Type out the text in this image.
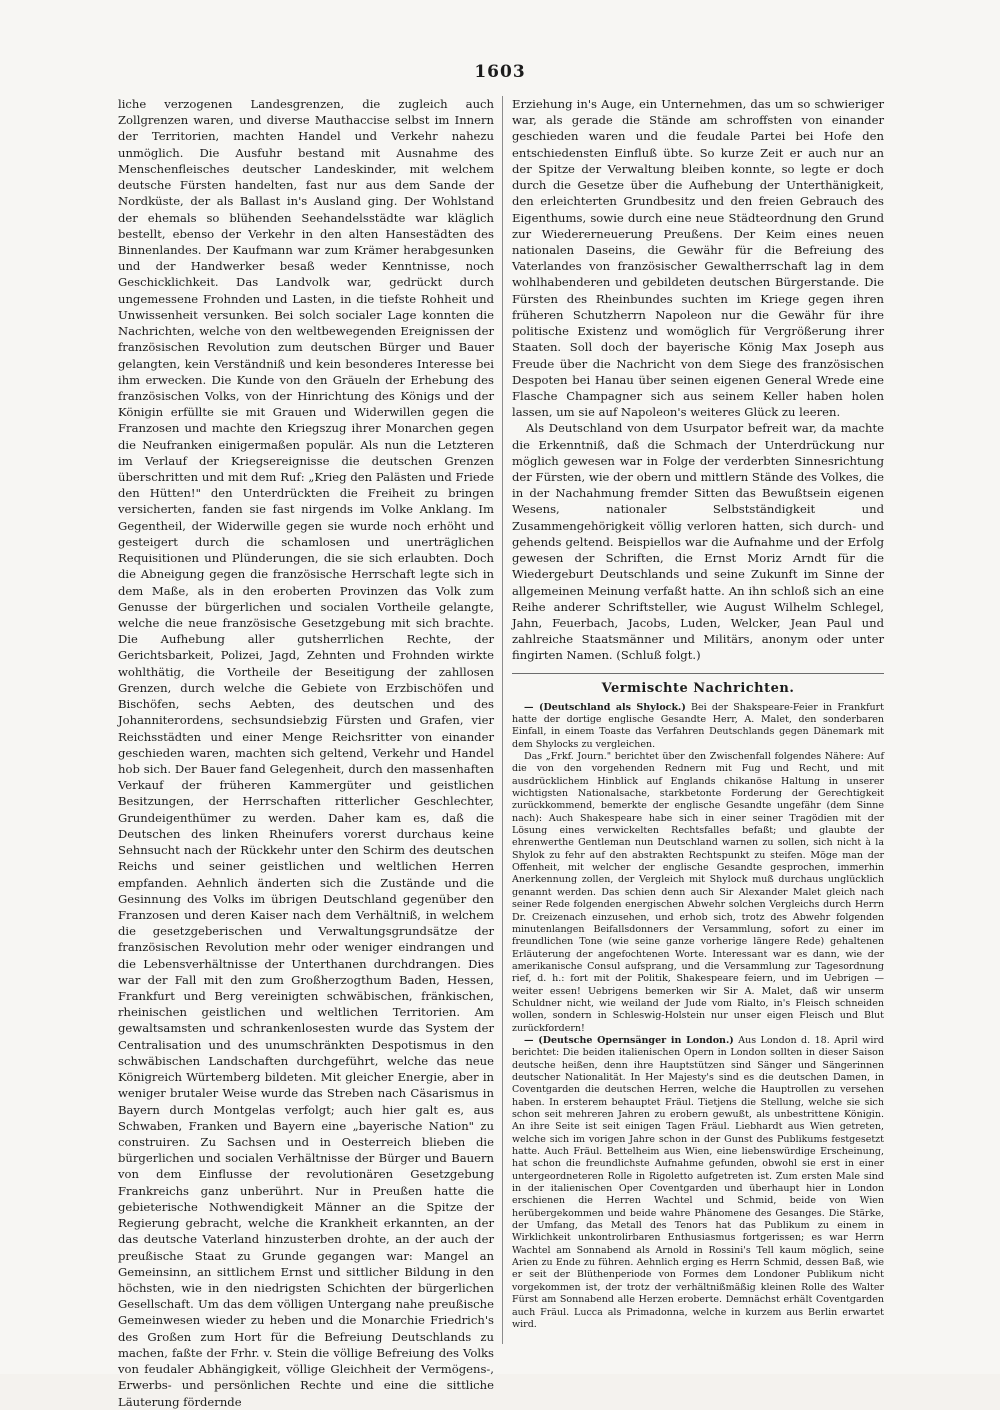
1603

liche verzogenen Landesgrenzen, die zugleich auch Zollgrenzen waren, und diverse Mauthaccise selbst im Innern der Territorien, machten Handel und Verkehr nahezu unmöglich. Die Ausfuhr bestand mit Ausnahme des Menschenfleisches deutscher Landeskinder, mit welchem deutsche Fürsten handelten, fast nur aus dem Sande der Nordküste, der als Ballast in's Ausland ging. Der Wohlstand der ehemals so blühenden Seehandelsstädte war kläglich bestellt, ebenso der Verkehr in den alten Hansestädten des Binnenlandes. Der Kaufmann war zum Krämer herabgesunken und der Handwerker besaß weder Kenntnisse, noch Geschicklichkeit. Das Landvolk war, gedrückt durch ungemessene Frohnden und Lasten, in die tiefste Rohheit und Unwissenheit versunken. Bei solch socialer Lage konnten die Nachrichten, welche von den weltbewegenden Ereignissen der französischen Revolution zum deutschen Bürger und Bauer gelangten, kein Verständniß und kein besonderes Interesse bei ihm erwecken. Die Kunde von den Gräueln der Erhebung des französischen Volks, von der Hinrichtung des Königs und der Königin erfüllte sie mit Grauen und Widerwillen gegen die Franzosen und machte den Kriegszug ihrer Monarchen gegen die Neufranken einigermaßen populär. Als nun die Letzteren im Verlauf der Kriegsereignisse die deutschen Grenzen überschritten und mit dem Ruf: „Krieg den Palästen und Friede den Hütten!" den Unterdrückten die Freiheit zu bringen versicherten, fanden sie fast nirgends im Volke Anklang. Im Gegentheil, der Widerwille gegen sie wurde noch erhöht und gesteigert durch die schamlosen und unerträglichen Requisitionen und Plünderungen, die sie sich erlaubten. Doch die Abneigung gegen die französische Herrschaft legte sich in dem Maße, als in den eroberten Provinzen das Volk zum Genusse der bürgerlichen und socialen Vortheile gelangte, welche die neue französische Gesetzgebung mit sich brachte. Die Aufhebung aller gutsherrlichen Rechte, der Gerichtsbarkeit, Polizei, Jagd, Zehnten und Frohnden wirkte wohlthätig, die Vortheile der Beseitigung der zahllosen Grenzen, durch welche die Gebiete von Erzbischöfen und Bischöfen, sechs Aebten, des deutschen und des Johanniterordens, sechsundsiebzig Fürsten und Grafen, vier Reichsstädten und einer Menge Reichsritter von einander geschieden waren, machten sich geltend, Verkehr und Handel hob sich. Der Bauer fand Gelegenheit, durch den massenhaften Verkauf der früheren Kammergüter und geistlichen Besitzungen, der Herrschaften ritterlicher Geschlechter, Grundeigenthümer zu werden. Daher kam es, daß die Deutschen des linken Rheinufers vorerst durchaus keine Sehnsucht nach der Rückkehr unter den Schirm des deutschen Reichs und seiner geistlichen und weltlichen Herren empfanden. Aehnlich änderten sich die Zustände und die Gesinnung des Volks im übrigen Deutschland gegenüber den Franzosen und deren Kaiser nach dem Verhältniß, in welchem die gesetzgeberischen und Verwaltungsgrundsätze der französischen Revolution mehr oder weniger eindrangen und die Lebensverhältnisse der Unterthanen durchdrangen. Dies war der Fall mit den zum Großherzogthum Baden, Hessen, Frankfurt und Berg vereinigten schwäbischen, fränkischen, rheinischen geistlichen und weltlichen Territorien. Am gewaltsamsten und schrankenlosesten wurde das System der Centralisation und des unumschränkten Despotismus in den schwäbischen Landschaften durchgeführt, welche das neue Königreich Würtemberg bildeten. Mit gleicher Energie, aber in weniger brutaler Weise wurde das Streben nach Cäsarismus in Bayern durch Montgelas verfolgt; auch hier galt es, aus Schwaben, Franken und Bayern eine „bayerische Nation" zu construiren. Zu Sachsen und in Oesterreich blieben die bürgerlichen und socialen Verhältnisse der Bürger und Bauern von dem Einflusse der revolutionären Gesetzgebung Frankreichs ganz unberührt. Nur in Preußen hatte die gebieterische Nothwendigkeit Männer an die Spitze der Regierung gebracht, welche die Krankheit erkannten, an der das deutsche Vaterland hinzusterben drohte, an der auch der preußische Staat zu Grunde gegangen war: Mangel an Gemeinsinn, an sittlichem Ernst und sittlicher Bildung in den höchsten, wie in den niedrigsten Schichten der bürgerlichen Gesellschaft. Um das dem völligen Untergang nahe preußische Gemeinwesen wieder zu heben und die Monarchie Friedrich's des Großen zum Hort für die Befreiung Deutschlands zu machen, faßte der Frhr. v. Stein die völlige Befreiung des Volks von feudaler Abhängigkeit, völlige Gleichheit der Vermögens-, Erwerbs- und persönlichen Rechte und eine die sittliche Läuterung fördernde

Erziehung in's Auge, ein Unternehmen, das um so schwieriger war, als gerade die Stände am schroffsten von einander geschieden waren und die feudale Partei bei Hofe den entschiedensten Einfluß übte. So kurze Zeit er auch nur an der Spitze der Verwaltung bleiben konnte, so legte er doch durch die Gesetze über die Aufhebung der Unterthänigkeit, den erleichterten Grundbesitz und den freien Gebrauch des Eigenthums, sowie durch eine neue Städteordnung den Grund zur Wiedererneuerung Preußens. Der Keim eines neuen nationalen Daseins, die Gewähr für die Befreiung des Vaterlandes von französischer Gewaltherrschaft lag in dem wohlhabenderen und gebildeten deutschen Bürgerstande. Die Fürsten des Rheinbundes suchten im Kriege gegen ihren früheren Schutzherrn Napoleon nur die Gewähr für ihre politische Existenz und womöglich für Vergrößerung ihrer Staaten. Soll doch der bayerische König Max Joseph aus Freude über die Nachricht von dem Siege des französischen Despoten bei Hanau über seinen eigenen General Wrede eine Flasche Champagner sich aus seinem Keller haben holen lassen, um sie auf Napoleon's weiteres Glück zu leeren.

Als Deutschland von dem Usurpator befreit war, da machte die Erkenntniß, daß die Schmach der Unterdrückung nur möglich gewesen war in Folge der verderbten Sinnesrichtung der Fürsten, wie der obern und mittlern Stände des Volkes, die in der Nachahmung fremder Sitten das Bewußtsein eigenen Wesens, nationaler Selbstständigkeit und Zusammengehörigkeit völlig verloren hatten, sich durch- und gehends geltend. Beispiellos war die Aufnahme und der Erfolg gewesen der Schriften, die Ernst Moriz Arndt für die Wiedergeburt Deutschlands und seine Zukunft im Sinne der allgemeinen Meinung verfaßt hatte. An ihn schloß sich an eine Reihe anderer Schriftsteller, wie August Wilhelm Schlegel, Jahn, Feuerbach, Jacobs, Luden, Welcker, Jean Paul und zahlreiche Staatsmänner und Militärs, anonym oder unter fingirten Namen. (Schluß folgt.)

Vermischte Nachrichten.

— (Deutschland als Shylock.) Bei der Shakspeare-Feier in Frankfurt hatte der dortige englische Gesandte Herr, A. Malet, den sonderbaren Einfall, in einem Toaste das Verfahren Deutschlands gegen Dänemark mit dem Shylocks zu vergleichen.

Das „Frkf. Journ." berichtet über den Zwischenfall folgendes Nähere: Auf die von den vorgehenden Rednern mit Fug und Recht, und mit ausdrücklichem Hinblick auf Englands chikanöse Haltung in unserer wichtigsten Nationalsache, starkbetonte Forderung der Gerechtigkeit zurückkommend, bemerkte der englische Gesandte ungefähr (dem Sinne nach): Auch Shakespeare habe sich in einer seiner Tragödien mit der Lösung eines verwickelten Rechtsfalles befaßt; und glaubte der ehrenwerthe Gentleman nun Deutschland warnen zu sollen, sich nicht à la Shylok zu fehr auf den abstrakten Rechtspunkt zu steifen. Möge man der Offenheit, mit welcher der englische Gesandte gesprochen, immerhin Anerkennung zollen, der Vergleich mit Shylock muß durchaus unglücklich genannt werden. Das schien denn auch Sir Alexander Malet gleich nach seiner Rede folgenden energischen Abwehr solchen Vergleichs durch Herrn Dr. Creizenach einzusehen, und erhob sich, trotz des Abwehr folgenden minutenlangen Beifallsdonners der Versammlung, sofort zu einer im freundlichen Tone (wie seine ganze vorherige längere Rede) gehaltenen Erläuterung der angefochtenen Worte. Interessant war es dann, wie der amerikanische Consul aufsprang, und die Versammlung zur Tagesordnung rief, d. h.: fort mit der Politik, Shakespeare feiern, und im Uebrigen — weiter essen! Uebrigens bemerken wir Sir A. Malet, daß wir unserm Schuldner nicht, wie weiland der Jude vom Rialto, in's Fleisch schneiden wollen, sondern in Schleswig-Holstein nur unser eigen Fleisch und Blut zurückfordern!

— (Deutsche Opernsänger in London.) Aus London d. 18. April wird berichtet: Die beiden italienischen Opern in London sollten in dieser Saison deutsche heißen, denn ihre Hauptstützen sind Sänger und Sängerinnen deutscher Nationalität. In Her Majesty's sind es die deutschen Damen, in Coventgarden die deutschen Herren, welche die Hauptrollen zu versehen haben. In ersterem behauptet Fräul. Tietjens die Stellung, welche sie sich schon seit mehreren Jahren zu erobern gewußt, als unbestrittene Königin. An ihre Seite ist seit einigen Tagen Fräul. Liebhardt aus Wien getreten, welche sich im vorigen Jahre schon in der Gunst des Publikums festgesetzt hatte. Auch Fräul. Bettelheim aus Wien, eine liebenswürdige Erscheinung, hat schon die freundlichste Aufnahme gefunden, obwohl sie erst in einer untergeordneteren Rolle in Rigoletto aufgetreten ist. Zum ersten Male sind in der italienischen Oper Coventgarden und überhaupt hier in London erschienen die Herren Wachtel und Schmid, beide von Wien herübergekommen und beide wahre Phänomene des Gesanges. Die Stärke, der Umfang, das Metall des Tenors hat das Publikum zu einem in Wirklichkeit unkontrolirbaren Enthusiasmus fortgerissen; es war Herrn Wachtel am Sonnabend als Arnold in Rossini's Tell kaum möglich, seine Arien zu Ende zu führen. Aehnlich erging es Herrn Schmid, dessen Baß, wie er seit der Blüthenperiode von Formes dem Londoner Publikum nicht vorgekommen ist, der trotz der verhältnißmäßig kleinen Rolle des Walter Fürst am Sonnabend alle Herzen eroberte. Demnächst erhält Coventgarden auch Fräul. Lucca als Primadonna, welche in kurzem aus Berlin erwartet wird.
